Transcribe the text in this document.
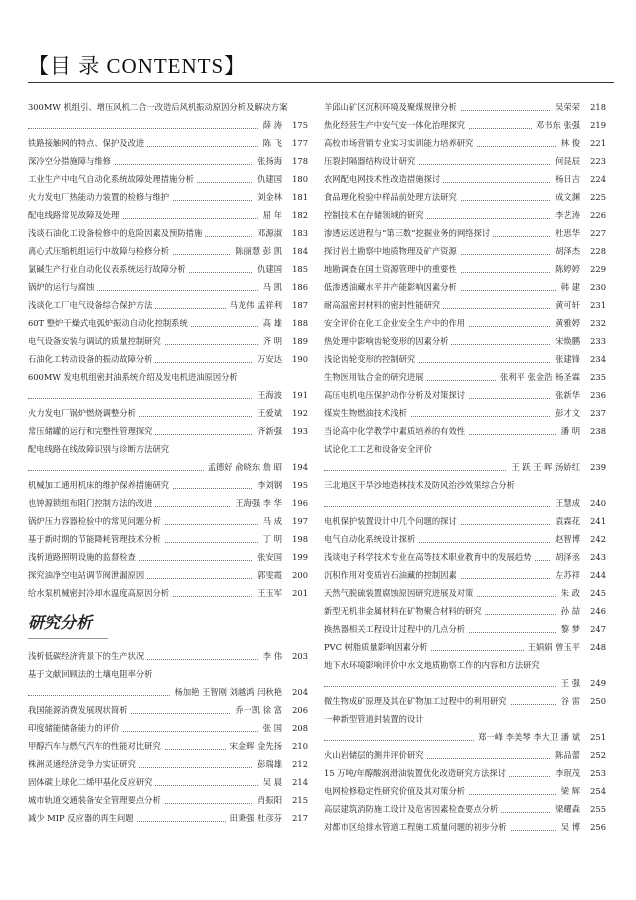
【目 录 CONTENTS】
300MW 机组引、增压风机二合一改造后风机振动原因分析及解决方案
薛 涛	175
铁路接触网的特点、保护及改进	陈 飞	177
深冷空分措施障与维修	张扬海	178
工业生产中电气自动化系统故障处理措施分析	仇建国	180
火力发电厂热能动力装置的检修与维护	刘金林	181
配电线路常见故障及处理	屈 年	182
浅谈石油化工设备检修中的危险因素及预防措施	邓源淑	183
离心式压缩机组运行中故障与检修分析	陈丽慧 彭 凯	184
氯碱生产行业自动化仪表系统运行故障分析	仇建国	185
锅炉的运行与腐蚀	马 凯	186
浅谈化工厂电气设备综合保护方法	马龙伟 孟祥利	187
60T 整炉干燥式电弧炉振动自动化控制系统	高 雄	188
电气设备安装与调试的质量控制研究	齐 明	189
石油化工转动设备的振动故障分析	万安达	190
600MW 发电机组密封油系统介绍及发电机进油原因分析
王海波	191
火力发电厂锅炉燃烧调整分析	王爱斌	192
常压储罐的运行和完整性管理探究	齐新强	193
配电线路在线故障识别与诊断方法研究
孟德好 俞晓东 詹 昭	194
机械加工通用机床的维护保养措施研究	李刘钢	195
也钟源锁组布阻门控制方法的改进	王海强 李 华	196
锅炉压力容器检验中的常见问题分析	马 成	197
基于新时期的节能降耗管理技术分析	丁 明	198
浅析道路照明设施的监督检查	张安国	199
探究油净空电站调节阀泄漏原因	郭雯霞	200
给水泵机械密封冷却水温度高原因分析	王玉军	201
研究分析
浅析低碳经济背景下的生产状况	李 伟	203
基于文献回顾法的土壤电阻率分析
杨加艳 王智刚 刘越鸿 闫秋艳	204
我国能源消费发展现状简析	乔一凯 徐 富	206
印度储能储备能力的评价	张 国	208
甲醇汽车与燃气汽车的性能对比研究	宋金辉 金先扬	210
株洲灵通经济竞争力实证研究	彭瑞雄	212
固体碳上球化二烯甲基化反应研究	吴 晨	214
城市轨道交通装备安全管理要点分析	肖振阳	215
减少 MIP 反应器的再生问题	田秉强 杜彦芬	217
羊邱山矿区沉积环境及聚煤规律分析	吴荣荣	218
焦化经营生产中安气安一体化治理探究	邓书东 张强	219
高校市场营销专业实习实训能力培养研究	林 俊	221
压裂封隔器结构设计研究	何昆辰	223
农网配电网技术性改造措施探讨	杨日吉	224
食品理化检验中样品前处理方法研究	成文渊	225
控制技术在存储领域的研究	李艺涛	226
渗透运送进程与“第三数”挖掘业务的网络探讨	杜思华	227
探讨岩土勘察中地质物理及矿产资源	胡泽杰	228
地勘调查在国土资源管理中的重要性	陈婷婷	229
低渗透油藏水平井产能影响因素分析	韩 建	230
耐高温密封材料的密封性能研究	黄可轩	231
安全评价在化工企业安全生产中的作用	黄雅婷	232
热处理中影响齿轮变形的因素分析	宋焕鹏	233
浅论齿轮变形的控制研究	张建锋	234
生物医用钛合金的研究进展	张利平 张金浩 杨圣霖	235
高压电机电压保护动作分析及对策探讨	张新华	236
煤炭生物燃油技术浅析	彭才文	237
当论高中化学教学中素质培养的有效性	潘 明	238
试论化工工艺和设备安全评价
王 跃 王 晖 汤娇红	239
三北地区干旱沙地造林技术及防风治沙效果综合分析
王慧成	240
电机保护装置设计中几个问题的探讨	袁霖花	241
电气自动化系统设计探析	赵智博	242
浅谈电子科学技术专业在高等技术职业教育中的发展趋势	胡泽丞	243
沉积作用对变质岩石油藏的控制因素	左苏祥	244
天然气脱硫装置腐蚀原因研究进展及对策	朱 政	245
新型无机非金属材料在矿物聚合材料的研究	孙 喆	246
换热器相关工程设计过程中的几点分析	黎 梦	247
PVC 树脂质量影响因素分析	王娟娟 曾玉平	248
地下水环境影响评价中水文地质勘察工作的内容和方法研究
王 强	249
微生物成矿原理及其在矿物加工过程中的利用研究	谷 雷	250
一种新型管道封装置的设计
郑一峰 李美琴 李大卫 潘 斌	251
火山岩储层的测井评价研究	陈品蕾	252
15 万吨/年醇酸润滑油装置优化改造研究方法探讨	李珉茂	253
电网检修稳定性研究价值及其对策分析	梁 辉	254
高层建筑消防施工设计及危害因素检查要点分析	梁耀森	255
对都市区给排水管道工程施工质量问题的初步分析	吴 博	256
